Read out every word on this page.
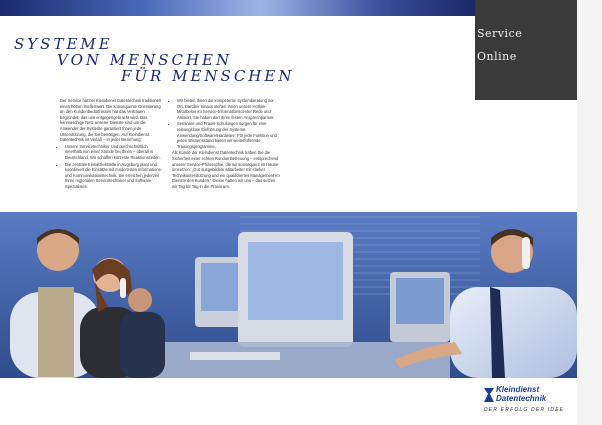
Service
Online
SYSTEME
VON MENSCHEN
FÜR MENSCHEN

Der Service hat bei Kleindienst Datentechnik traditionell einen hohen Stellenwert. Die konsequente Orientierung an den Kundenbedürfnissen hat das Vertrauen begründet, das uns entgegengebracht wird. Das feinmaschige Netz unserer Dienste sind um die Anwender der Systeme garantiert Ihnen jede Unterstützung, die Sie benötigen. Auf Kleindienst Datentechnik ist Verlaß – in jeder Beziehung:

• Unsere Servicetechniker sind durchschnittlich innerhalb von einer Stunde bei Ihnen – überall in Deutschland. Wir schaffen kürzeste Reaktionszeiten.
• Die zentrale Einsatzleitstelle in Augsburg plant und koordiniert die Einsätze mit modernsten Informations- und Kommunikationstechnik. Sie erreichen jederzeit Ihren regionalen Servicetechniker und Software-Spezialisten.
• Wir bieten Ihnen die kompetente Systemberatung vor Ort. Darüber hinaus stehen Ihnen unsere Hotline-Mitarbeiter im Service-Informationscenter Rede und Antwort. Sie haben dort Ihren festen Ansprechpartner.
• Seminare und Praxis-Schulungen sorgen für eine reibungslose Einführung der Systeme. Anwendung/Software/Hardware: Für jede Funktion und jeden Wissensstand bieten wir weiterführende Trainingsprogramme.

Als Kunde der Kleindienst Datentechnik haben Sie die Sicherheit einer echten Rundumbetreuung – entsprechend unserer Service-Philosophie, die wir konsequent im Hause umsetzen: „Gut ausgebildete Mitarbeiter mit starker Technikunterstützung und ein qualifiziertes Management im Dienste des Kunden.“ Dieser hatten wir uns – das setzen wir Tag für Tag in die Praxis um.

Kleindienst
Datentechnik
DER ERFOLG DER IDEE
